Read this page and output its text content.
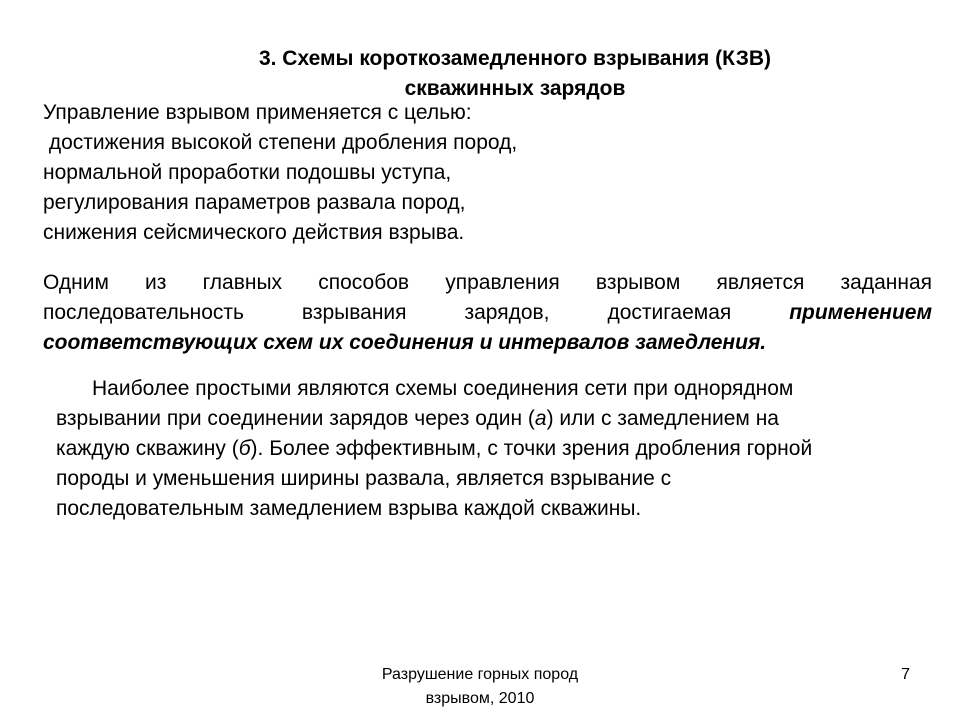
3. Схемы короткозамедленного взрывания (КЗВ)
скважинных зарядов
Управление взрывом применяется с целью:
достижения высокой степени дробления пород,
нормальной проработки подошвы уступа,
регулирования параметров развала пород,
снижения сейсмического действия взрыва.
Одним из главных способов управления взрывом является заданная
последовательность взрывания зарядов, достигаемая	применением
соответствующих схем их соединения и интервалов замедления.
Наиболее простыми являются схемы соединения сети при однорядном
взрывании при соединении зарядов через один (а) или с замедлением на
каждую скважину (б). Более эффективным, с точки зрения дробления горной
породы и уменьшения ширины развала, является взрывание с
последовательным замедлением взрыва каждой скважины.
Разрушение горных пород
взрывом, 2010
7
